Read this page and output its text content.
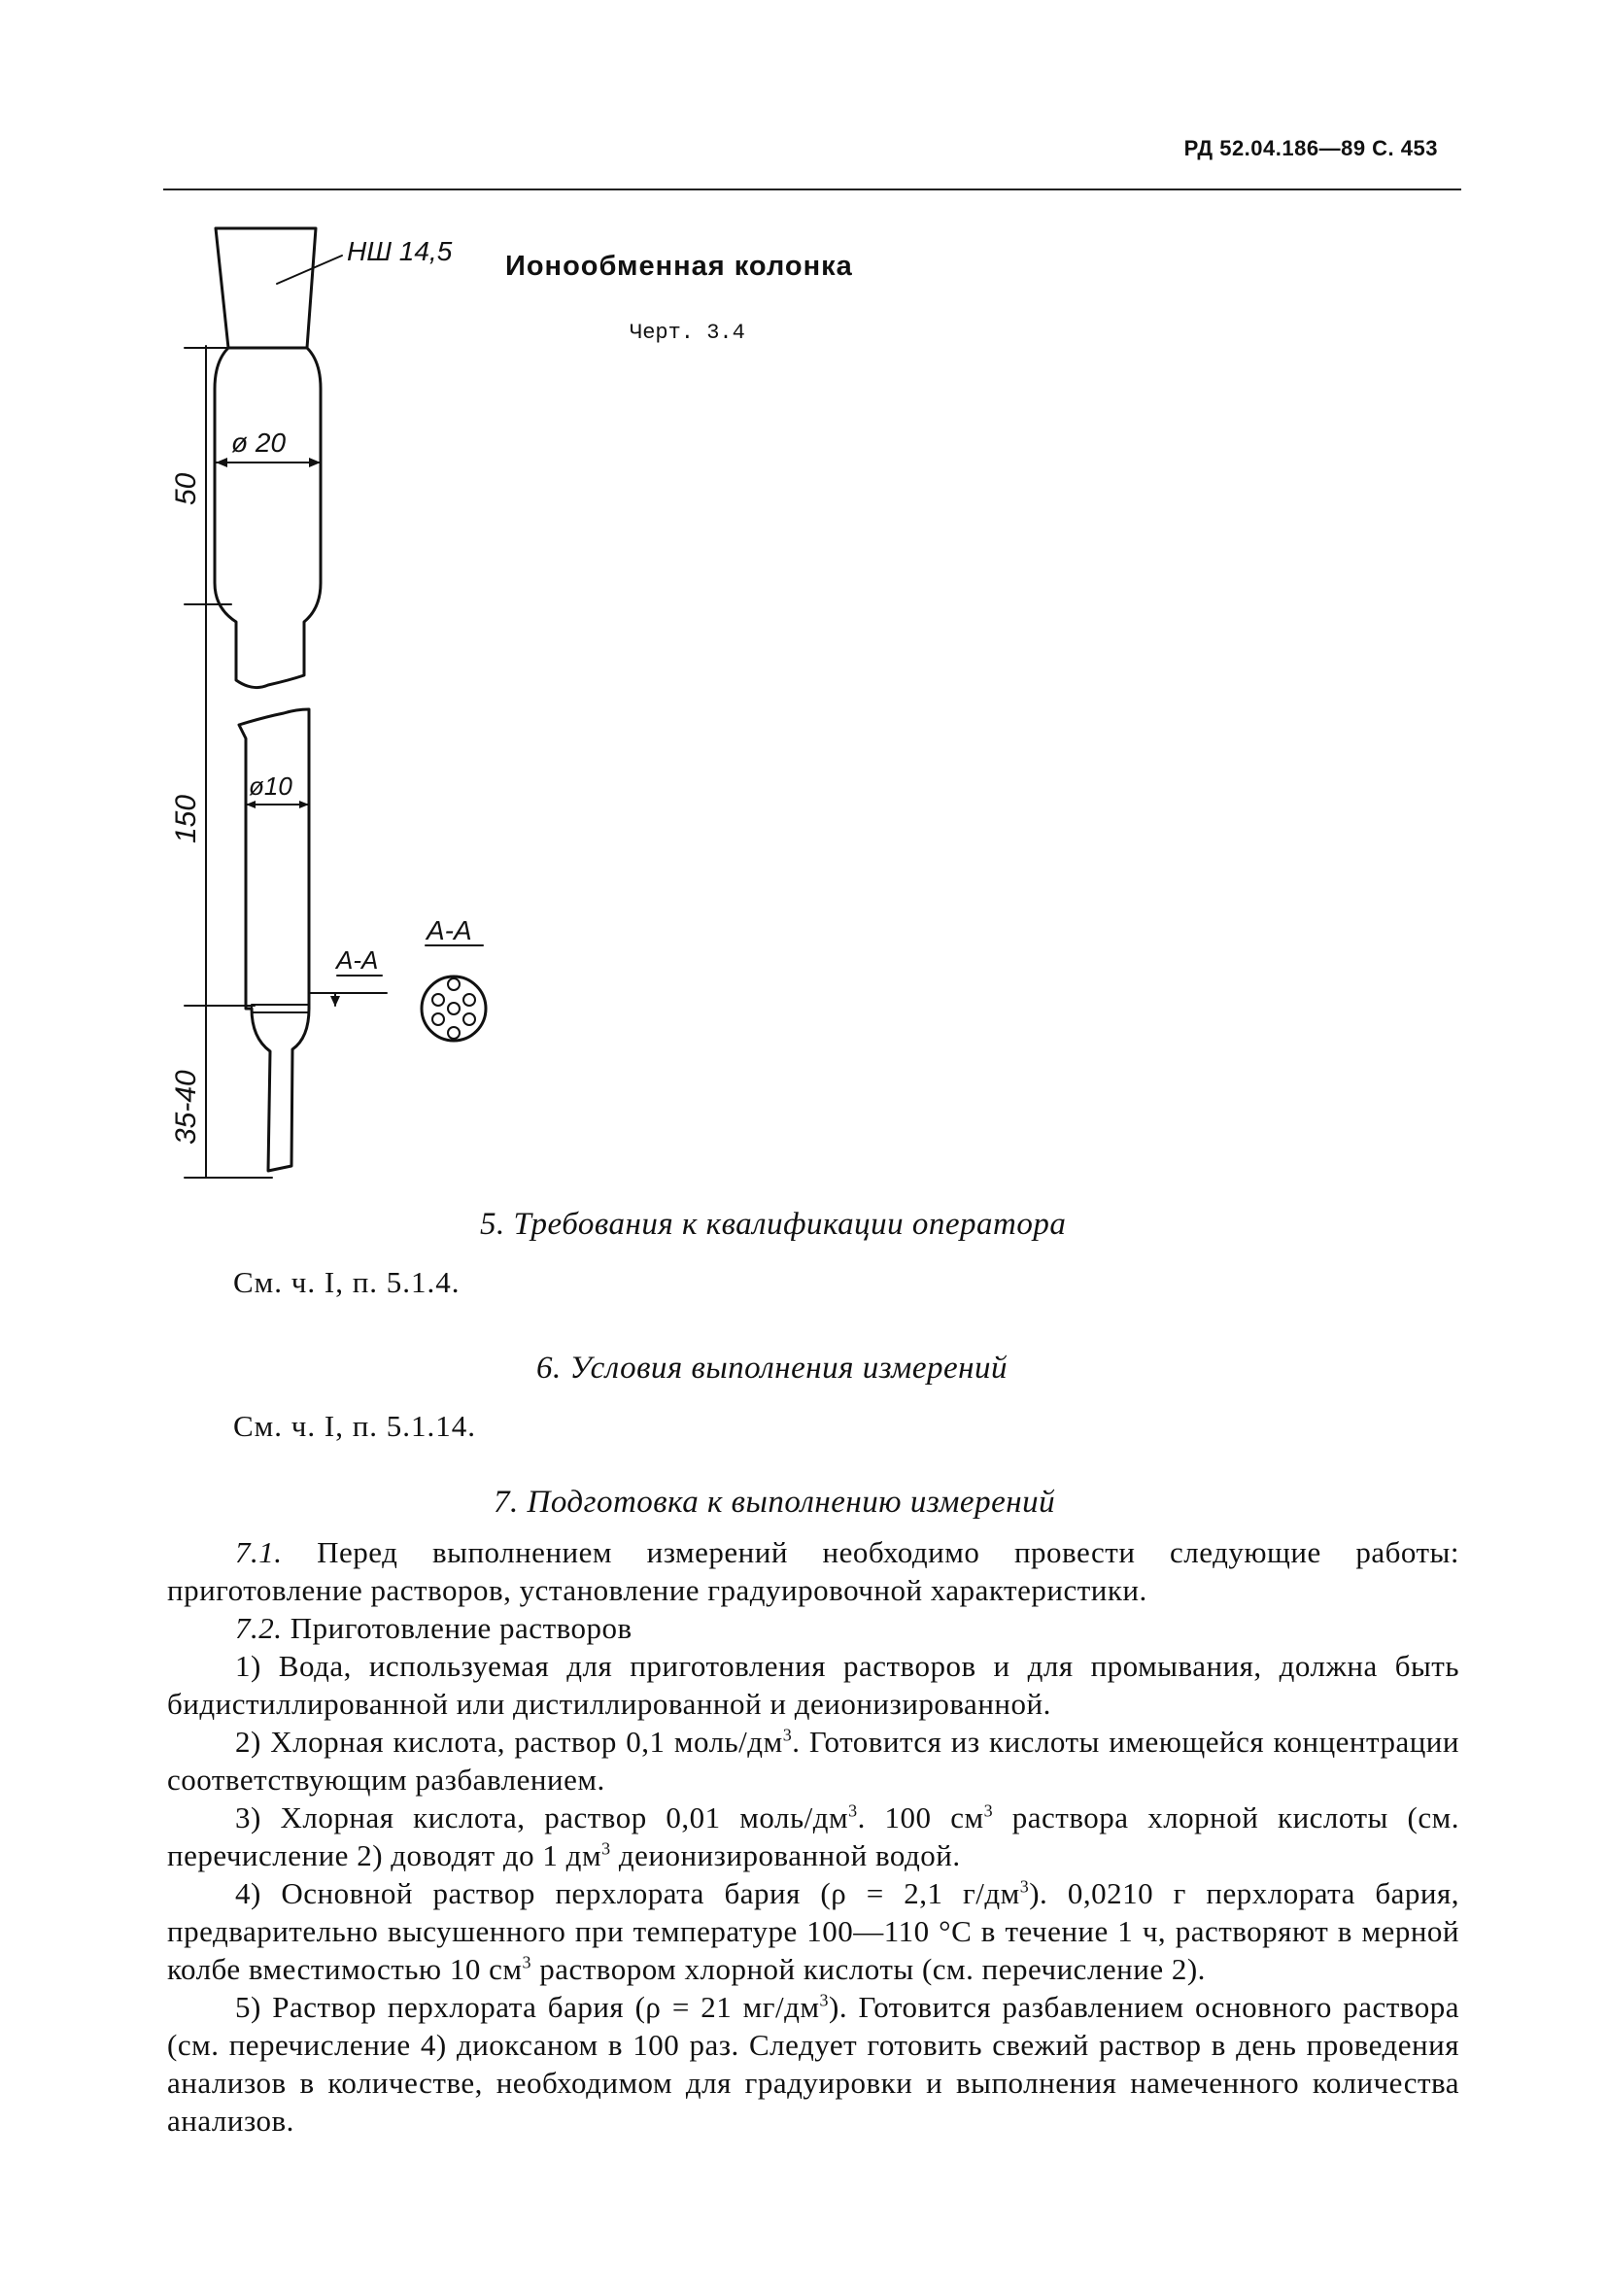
РД 52.04.186—89 С. 453
Ионообменная колонка
Черт. 3.4
НШ 14,5
ø 20
ø10
А-А
А-А
50
150
35-40
5. Требования к квалификации оператора
См. ч. I, п. 5.1.4.
6. Условия выполнения измерений
См. ч. I, п. 5.1.14.
7. Подготовка к выполнению измерений

7.1. Перед выполнением измерений необходимо провести следующие работы: приготовление растворов, установление градуировочной характеристики.

7.2. Приготовление растворов

1) Вода, используемая для приготовления растворов и для промывания, должна быть бидистиллированной или дистиллированной и деионизированной.

2) Хлорная кислота, раствор 0,1 моль/$дм^3$. Готовится из кислоты имеющейся концентрации соответствующим разбавлением.

3) Хлорная кислота, раствор 0,01 моль/$дм^3$. 100 $см^3$ раствора хлорной кислоты (см. перечисление 2) доводят до 1 $дм^3$ деионизированной водой.

4) Основной раствор перхлората бария (ρ = 2,1 $г/дм^3$). 0,0210 г перхлората бария, предварительно высушенного при температуре 100—110 °С в течение 1 ч, растворяют в мерной колбе вместимостью 10 $см^3$ раствором хлорной кислоты (см. перечисление 2).

5) Раствор перхлората бария (ρ = 21 $мг/дм^3$). Готовится разбавлением основного раствора (см. перечисление 4) диоксаном в 100 раз. Следует готовить свежий раствор в день проведения анализов в количестве, необходимом для градуировки и выполнения намеченного количества анализов.
